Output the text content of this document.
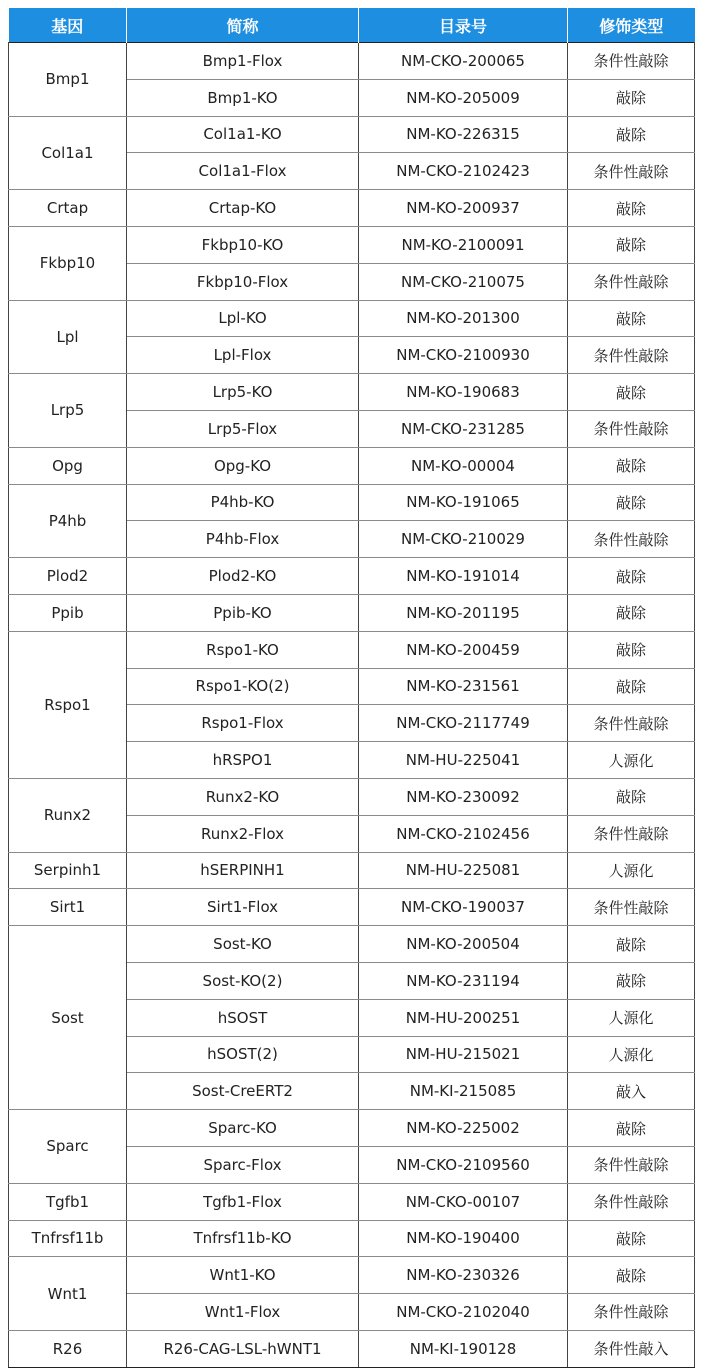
基因	简称	目录号	修饰类型
Bmp1	Bmp1-Flox	NM-CKO-200065	条件性敲除
	Bmp1-KO	NM-KO-205009	敲除
Col1a1	Col1a1-KO	NM-KO-226315	敲除
	Col1a1-Flox	NM-CKO-2102423	条件性敲除
Crtap	Crtap-KO	NM-KO-200937	敲除
Fkbp10	Fkbp10-KO	NM-KO-2100091	敲除
	Fkbp10-Flox	NM-CKO-210075	条件性敲除
Lpl	Lpl-KO	NM-KO-201300	敲除
	Lpl-Flox	NM-CKO-2100930	条件性敲除
Lrp5	Lrp5-KO	NM-KO-190683	敲除
	Lrp5-Flox	NM-CKO-231285	条件性敲除
Opg	Opg-KO	NM-KO-00004	敲除
P4hb	P4hb-KO	NM-KO-191065	敲除
	P4hb-Flox	NM-CKO-210029	条件性敲除
Plod2	Plod2-KO	NM-KO-191014	敲除
Ppib	Ppib-KO	NM-KO-201195	敲除
Rspo1	Rspo1-KO	NM-KO-200459	敲除
	Rspo1-KO(2)	NM-KO-231561	敲除
	Rspo1-Flox	NM-CKO-2117749	条件性敲除
	hRSPO1	NM-HU-225041	人源化
Runx2	Runx2-KO	NM-KO-230092	敲除
	Runx2-Flox	NM-CKO-2102456	条件性敲除
Serpinh1	hSERPINH1	NM-HU-225081	人源化
Sirt1	Sirt1-Flox	NM-CKO-190037	条件性敲除
Sost	Sost-KO	NM-KO-200504	敲除
	Sost-KO(2)	NM-KO-231194	敲除
	hSOST	NM-HU-200251	人源化
	hSOST(2)	NM-HU-215021	人源化
	Sost-CreERT2	NM-KI-215085	敲入
Sparc	Sparc-KO	NM-KO-225002	敲除
	Sparc-Flox	NM-CKO-2109560	条件性敲除
Tgfb1	Tgfb1-Flox	NM-CKO-00107	条件性敲除
Tnfrsf11b	Tnfrsf11b-KO	NM-KO-190400	敲除
Wnt1	Wnt1-KO	NM-KO-230326	敲除
	Wnt1-Flox	NM-CKO-2102040	条件性敲除
R26	R26-CAG-LSL-hWNT1	NM-KI-190128	条件性敲入
